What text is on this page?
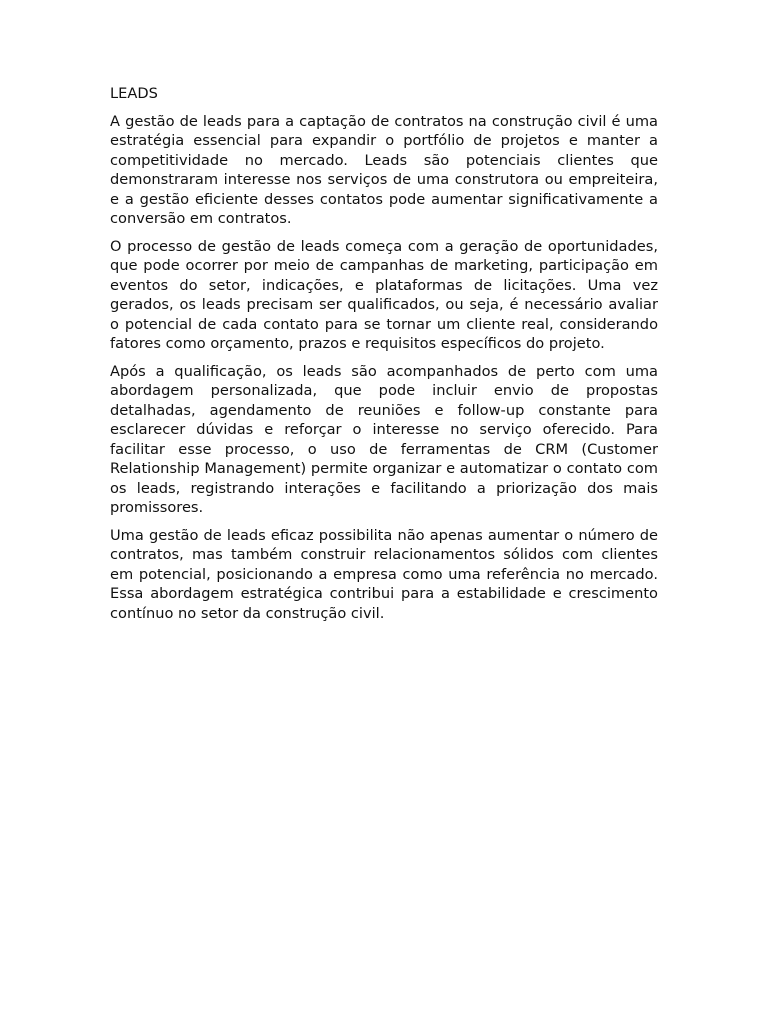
LEADS

A gestão de leads para a captação de contratos na construção civil é uma estratégia essencial para expandir o portfólio de projetos e manter a competitividade no mercado. Leads são potenciais clientes que demonstraram interesse nos serviços de uma construtora ou empreiteira, e a gestão eficiente desses contatos pode aumentar significativamente a conversão em contratos.

O processo de gestão de leads começa com a geração de oportunidades, que pode ocorrer por meio de campanhas de marketing, participação em eventos do setor, indicações, e plataformas de licitações. Uma vez gerados, os leads precisam ser qualificados, ou seja, é necessário avaliar o potencial de cada contato para se tornar um cliente real, considerando fatores como orçamento, prazos e requisitos específicos do projeto.

Após a qualificação, os leads são acompanhados de perto com uma abordagem personalizada, que pode incluir envio de propostas detalhadas, agendamento de reuniões e follow-up constante para esclarecer dúvidas e reforçar o interesse no serviço oferecido. Para facilitar esse processo, o uso de ferramentas de CRM (Customer Relationship Management) permite organizar e automatizar o contato com os leads, registrando interações e facilitando a priorização dos mais promissores.

Uma gestão de leads eficaz possibilita não apenas aumentar o número de contratos, mas também construir relacionamentos sólidos com clientes em potencial, posicionando a empresa como uma referência no mercado. Essa abordagem estratégica contribui para a estabilidade e crescimento contínuo no setor da construção civil.
